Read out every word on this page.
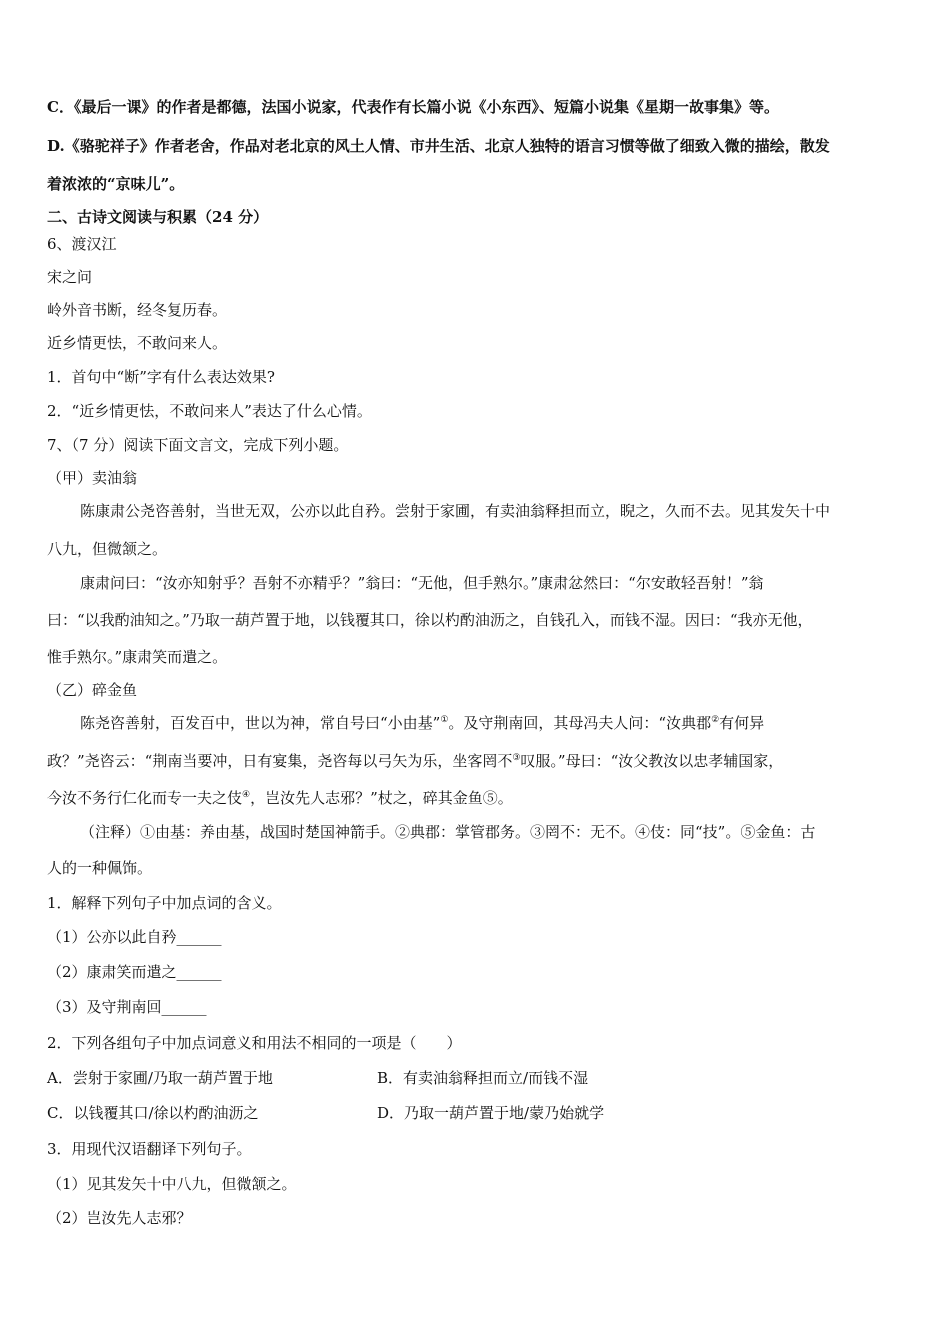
C．《最后一课》的作者是都德，法国小说家，代表作有长篇小说《小东西》、短篇小说集《星期一故事集》等。

D.《骆驼祥子》作者老舍，作品对老北京的风土人情、市井生活、北京人独特的语言习惯等做了细致入微的描绘，散发

着浓浓的“京味儿”。

二、古诗文阅读与积累（24 分）

6、渡汉江

宋之问

岭外音书断，经冬复历春。

近乡情更怯，不敢问来人。

1．首句中“断”字有什么表达效果?

2．“近乡情更怯，不敢问来人”表达了什么心情。

7、（7 分）阅读下面文言文，完成下列小题。

（甲）卖油翁

陈康肃公尧咨善射，当世无双，公亦以此自矜。尝射于家圃，有卖油翁释担而立，睨之，久而不去。见其发矢十中

八九，但微颔之。

康肃问曰：“汝亦知射乎？吾射不亦精乎？”翁曰：“无他，但手熟尔。”康肃忿然曰：“尔安敢轻吾射！”翁

曰：“以我酌油知之。”乃取一葫芦置于地，以钱覆其口，徐以杓酌油沥之，自钱孔入，而钱不湿。因曰：“我亦无他，

惟手熟尔。”康肃笑而遣之。

（乙）碎金鱼

陈尧咨善射，百发百中，世以为神，常自号曰“小由基”①。及守荆南回，其母冯夫人问：“汝典郡②有何异

政？”尧咨云：“荆南当要冲，日有宴集，尧咨每以弓矢为乐，坐客罔不③叹服。”母曰：“汝父教汝以忠孝辅国家，

今汝不务行仁化而专一夫之伎④，岂汝先人志邪？”杖之，碎其金鱼⑤。

（注释）①由基：养由基，战国时楚国神箭手。②典郡：掌管郡务。③罔不：无不。④伎：同“技”。⑤金鱼：古

人的一种佩饰。

1．解释下列句子中加点词的含义。

（1）公亦以此自矜______

（2）康肃笑而遣之______

（3）及守荆南回______

2．下列各组句子中加点词意义和用法不相同的一项是（　　）

A．尝射于家圃/乃取一葫芦置于地	B．有卖油翁释担而立/而钱不湿

C．以钱覆其口/徐以杓酌油沥之	D．乃取一葫芦置于地/蒙乃始就学

3．用现代汉语翻译下列句子。

（1）见其发矢十中八九，但微颔之。

（2）岂汝先人志邪？
